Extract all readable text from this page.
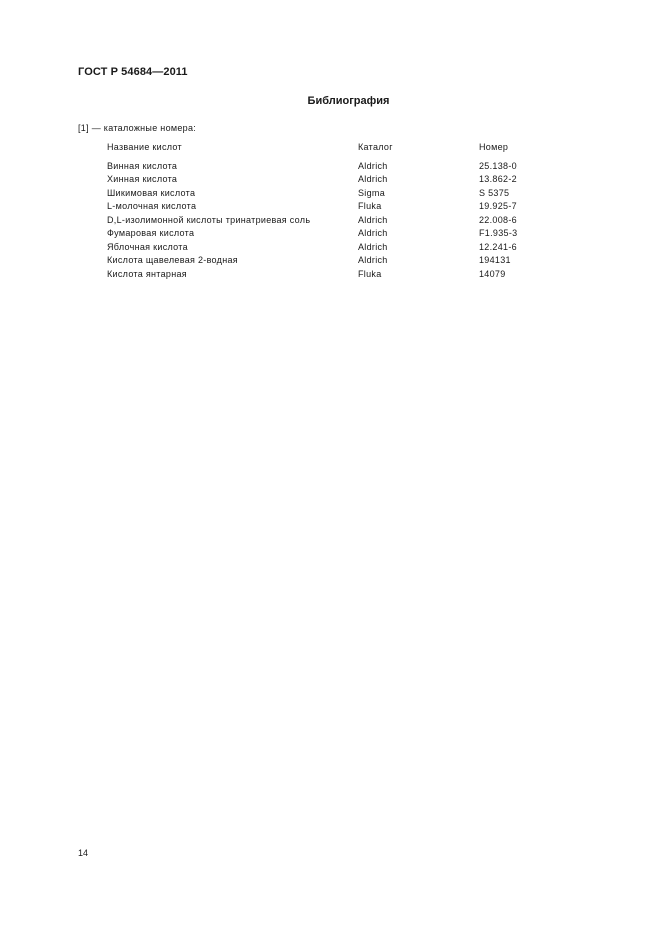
ГОСТ Р 54684—2011
Библиография
[1] — каталожные номера:
Название кислот	Каталог	Номер
Винная кислота	Aldrich	25.138-0
Хинная кислота	Aldrich	13.862-2
Шикимовая кислота	Sigma	S 5375
L-молочная кислота	Fluka	19.925-7
D,L-изолимонной кислоты тринатриевая соль	Aldrich	22.008-6
Фумаровая кислота	Aldrich	F1.935-3
Яблочная кислота	Aldrich	12.241-6
Кислота щавелевая 2-водная	Aldrich	194131
Кислота янтарная	Fluka	14079
14
